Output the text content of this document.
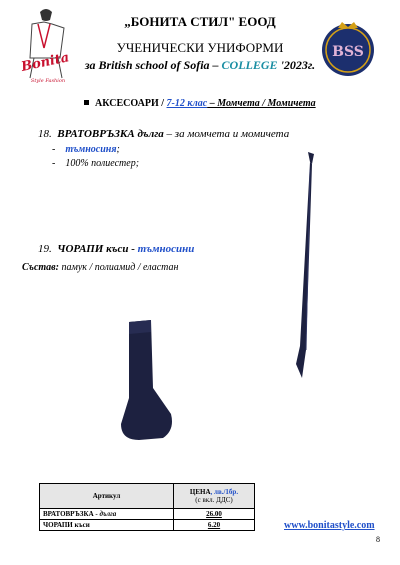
Bonita
Style Fashion
BSS
„БОНИТА СТИЛ" ЕООД
УЧЕНИЧЕСКИ УНИФОРМИ
за British school of Sofia – COLLEGE '2023г.
АКСЕСОАРИ / 7-12 клас – Момчета / Момичета
18. ВРАТОВРЪЗКА дълга – за момчета и момичета
-    тъмносиня;
-    100% полиестер;
19. ЧОРАПИ къси - тъмносини
Състав: памук / полиамид / еластан
Артикул	ЦЕНА, лв./1бр.
(с вкл. ДДС)
ВРАТОВРЪЗКА - дълга	26.00
ЧОРАПИ къси	6.20	www.bonitastyle.com
8
